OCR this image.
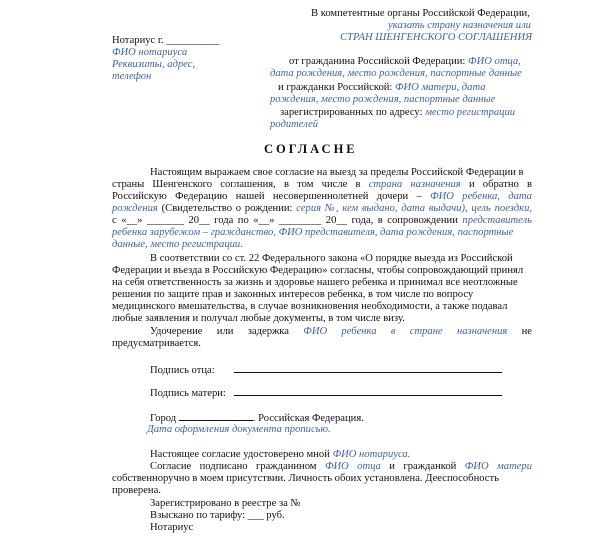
В компетентные органы Российской Федерации,
указать страну назначения или
СТРАН ШЕНГЕНСКОГО СОГЛАШЕНИЯ
Нотариус г. __________
ФИО нотариуса
Реквизиты, адрес,
телефон
от гражданина Российской Федерации: ФИО отца,
дата рождения, место рождения, паспортные данные
и гражданки Российской: ФИО матери, дата
рождения, место рождения, паспортные данные
зарегистрированных по адресу: место регистрации
родителей
СОГЛАСНЕ
Настоящим выражаем свое согласие на выезд за пределы Российской Федерации в
страны Шенгенского соглашения, в том числе в страна назначения и обратно в
Российскую Федерацию нашей несовершеннолетней дочери – ФИО ребенка, дата
рождения (Свидетельство о рождении: серия №, кем выдано, дата выдачи), цель поездки,
с «__» _______ 20__ года по «__» ________ 20__ года, в сопровождении представитель
ребенка зарубежом – гражданство, ФИО представителя, дата рождения, паспортные
данные, место регистрации.
В соответствии со ст. 22 Федерального закона «О порядке выезда из Российской
Федерации и въезда в Российскую Федерацию» согласны, чтобы сопровождающий принял
на себя ответственность за жизнь и здоровье нашего ребенка и принимал все неотложные
решения по защите прав и законных интересов ребенка, в том числе по вопросу
медицинского вмешательства, в случае возникновения необходимости, а также подавал
любые заявления и получал любые документы, в том числе визу.
Удочерение или задержка ФИО ребенка в стране назначения не
предусматривается.
Подпись отца:
Подпись матери:
Город	. Российская Федерация.
Дата оформления документа прописью.
Настоящее согласие удостоверено мной ФИО нотариуса.
Согласие подписано гражданином ФИО отца и гражданкой ФИО матери
собственноручно в моем присутствии. Личность обоих установлена. Дееспособность
проверена.
Зарегистрировано в реестре за №
Взыскано по тарифу: ___ руб.
Нотариус
